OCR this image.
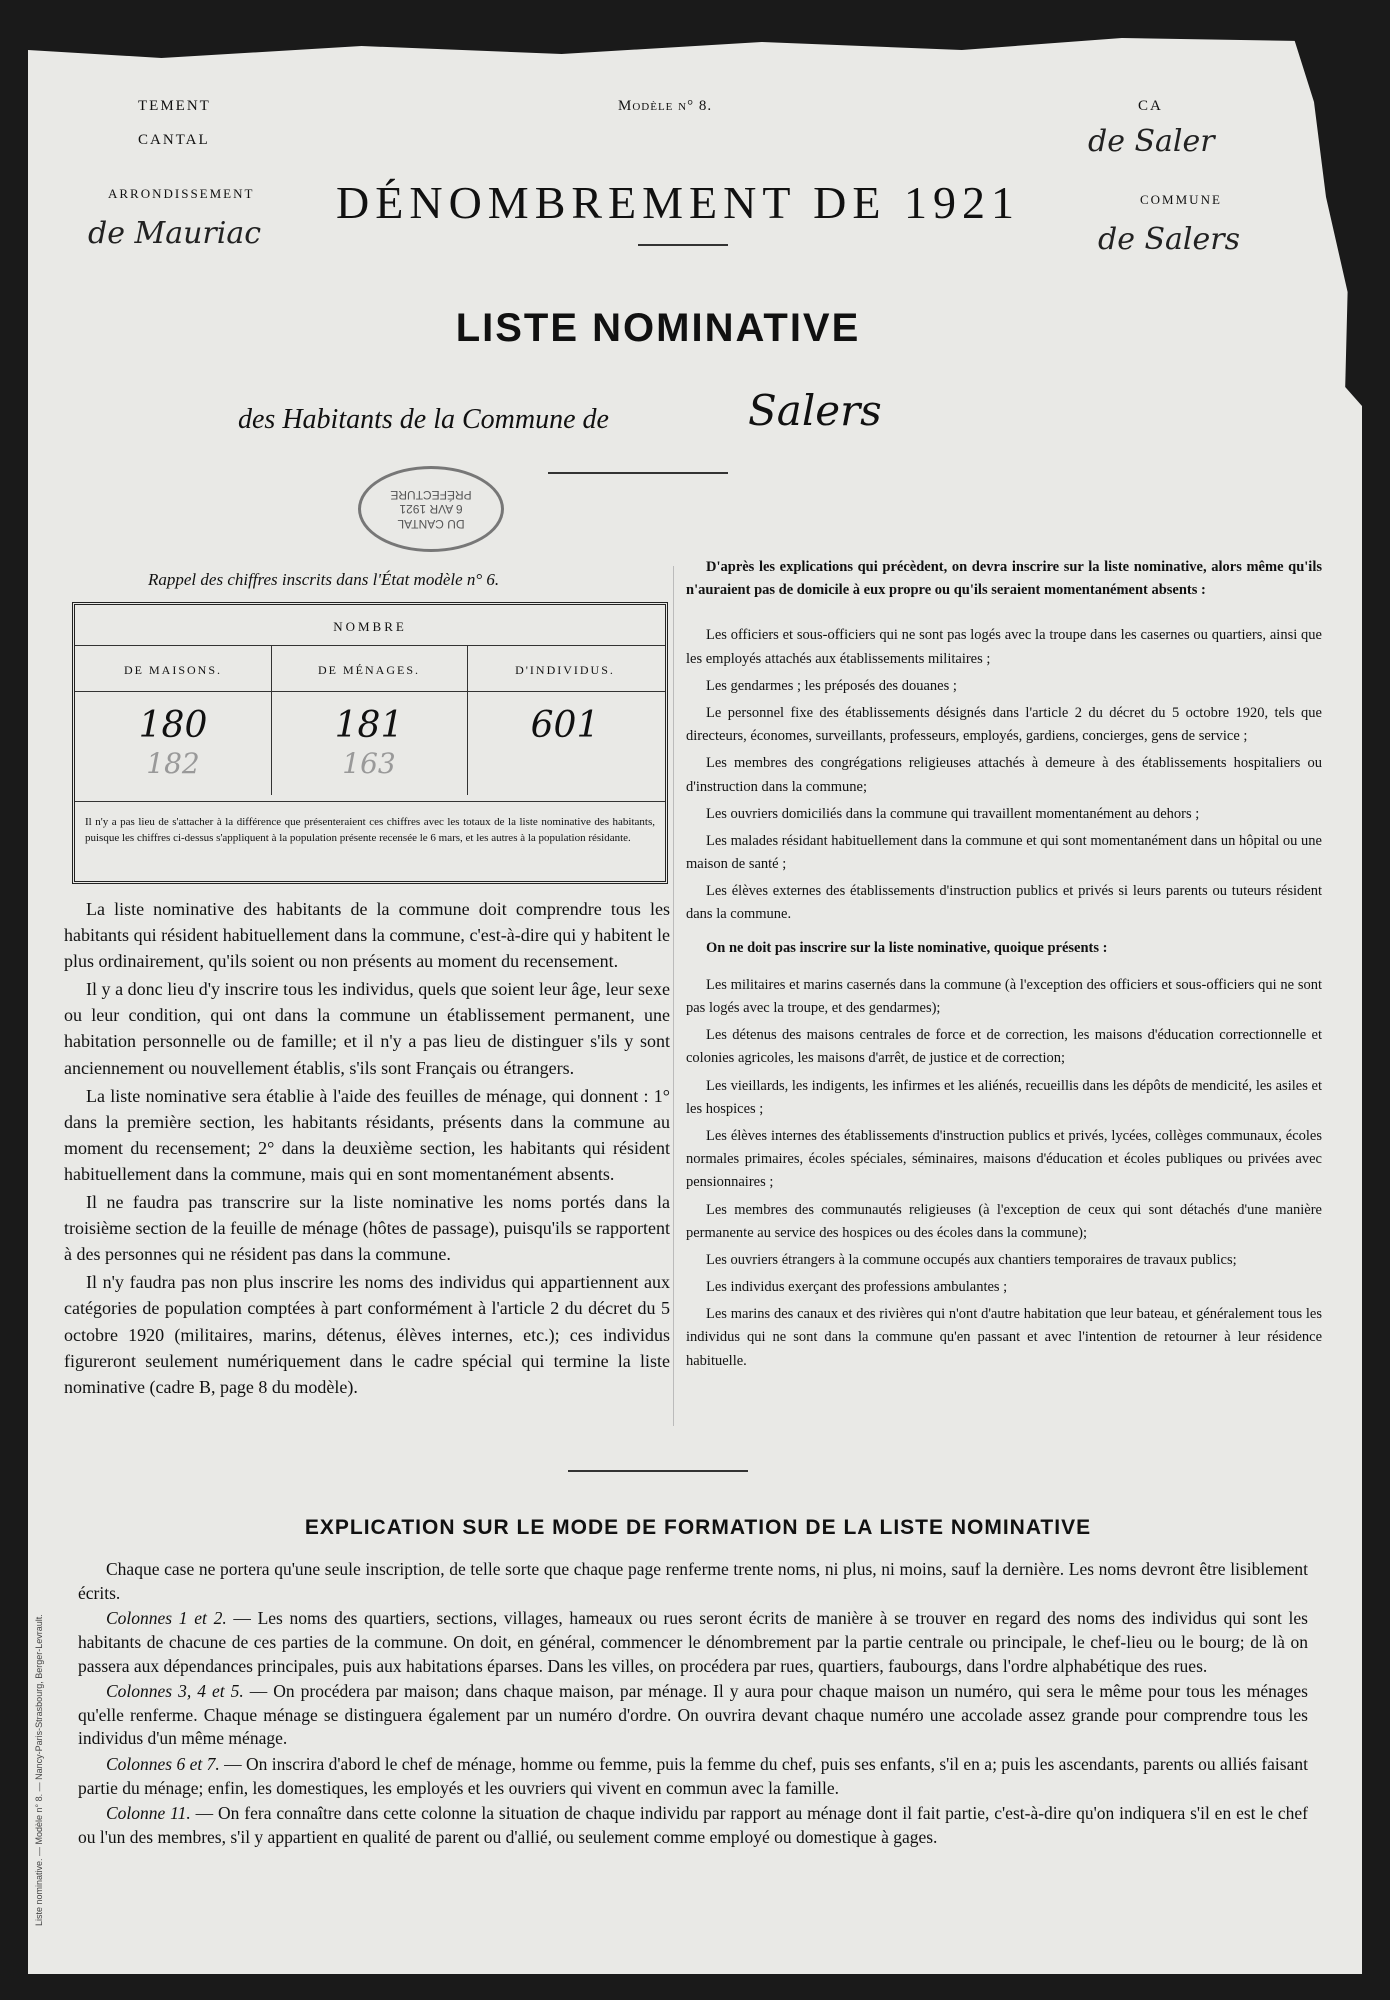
TEMENT
CANTAL
Modèle n° 8.	CA
de Saler
ARRONDISSEMENT
de Mauriac
COMMUNE
de Salers
DÉNOMBREMENT DE 1921
LISTE NOMINATIVE
des Habitants de la Commune de	Salers
DU CANTAL
6 AVR 1921
PRÉFECTURE
Rappel des chiffres inscrits dans l'État modèle n° 6.
NOMBRE
DE MAISONS.	DE MÉNAGES.	D'INDIVIDUS.
180	181	601
182	163
Il n'y a pas lieu de s'attacher à la différence que présenteraient ces chiffres avec les totaux de la liste nominative des habitants, puisque les chiffres ci-dessus s'appliquent à la population présente recensée le 6 mars, et les autres à la population résidante.

La liste nominative des habitants de la commune doit comprendre tous les habitants qui résident habituellement dans la commune, c'est-à-dire qui y habitent le plus ordinairement, qu'ils soient ou non présents au moment du recensement.

Il y a donc lieu d'y inscrire tous les individus, quels que soient leur âge, leur sexe ou leur condition, qui ont dans la commune un établissement permanent, une habitation personnelle ou de famille; et il n'y a pas lieu de distinguer s'ils y sont anciennement ou nouvellement établis, s'ils sont Français ou étrangers.

La liste nominative sera établie à l'aide des feuilles de ménage, qui donnent : 1° dans la première section, les habitants résidants, présents dans la commune au moment du recensement; 2° dans la deuxième section, les habitants qui résident habituellement dans la commune, mais qui en sont momentanément absents.

Il ne faudra pas transcrire sur la liste nominative les noms portés dans la troisième section de la feuille de ménage (hôtes de passage), puisqu'ils se rapportent à des personnes qui ne résident pas dans la commune.

Il n'y faudra pas non plus inscrire les noms des individus qui appartiennent aux catégories de population comptées à part conformément à l'article 2 du décret du 5 octobre 1920 (militaires, marins, détenus, élèves internes, etc.); ces individus figureront seulement numériquement dans le cadre spécial qui termine la liste nominative (cadre B, page 8 du modèle).

D'après les explications qui précèdent, on devra inscrire sur la liste nominative, alors même qu'ils n'auraient pas de domicile à eux propre ou qu'ils seraient momentanément absents :

Les officiers et sous-officiers qui ne sont pas logés avec la troupe dans les casernes ou quartiers, ainsi que les employés attachés aux établissements militaires ;

Les gendarmes ; les préposés des douanes ;

Le personnel fixe des établissements désignés dans l'article 2 du décret du 5 octobre 1920, tels que directeurs, économes, surveillants, professeurs, employés, gardiens, concierges, gens de service ;

Les membres des congrégations religieuses attachés à demeure à des établissements hospitaliers ou d'instruction dans la commune;

Les ouvriers domiciliés dans la commune qui travaillent momentanément au dehors ;

Les malades résidant habituellement dans la commune et qui sont momentanément dans un hôpital ou une maison de santé ;

Les élèves externes des établissements d'instruction publics et privés si leurs parents ou tuteurs résident dans la commune.

On ne doit pas inscrire sur la liste nominative, quoique présents :

Les militaires et marins casernés dans la commune (à l'exception des officiers et sous-officiers qui ne sont pas logés avec la troupe, et des gendarmes);

Les détenus des maisons centrales de force et de correction, les maisons d'éducation correctionnelle et colonies agricoles, les maisons d'arrêt, de justice et de correction;

Les vieillards, les indigents, les infirmes et les aliénés, recueillis dans les dépôts de mendicité, les asiles et les hospices ;

Les élèves internes des établissements d'instruction publics et privés, lycées, collèges communaux, écoles normales primaires, écoles spéciales, séminaires, maisons d'éducation et écoles publiques ou privées avec pensionnaires ;

Les membres des communautés religieuses (à l'exception de ceux qui sont détachés d'une manière permanente au service des hospices ou des écoles dans la commune);

Les ouvriers étrangers à la commune occupés aux chantiers temporaires de travaux publics;

Les individus exerçant des professions ambulantes ;

Les marins des canaux et des rivières qui n'ont d'autre habitation que leur bateau, et généralement tous les individus qui ne sont dans la commune qu'en passant et avec l'intention de retourner à leur résidence habituelle.

EXPLICATION SUR LE MODE DE FORMATION DE LA LISTE NOMINATIVE

Chaque case ne portera qu'une seule inscription, de telle sorte que chaque page renferme trente noms, ni plus, ni moins, sauf la dernière. Les noms devront être lisiblement écrits.

Colonnes 1 et 2. — Les noms des quartiers, sections, villages, hameaux ou rues seront écrits de manière à se trouver en regard des noms des individus qui sont les habitants de chacune de ces parties de la commune. On doit, en général, commencer le dénombrement par la partie centrale ou principale, le chef-lieu ou le bourg; de là on passera aux dépendances principales, puis aux habitations éparses. Dans les villes, on procédera par rues, quartiers, faubourgs, dans l'ordre alphabétique des rues.

Colonnes 3, 4 et 5. — On procédera par maison; dans chaque maison, par ménage. Il y aura pour chaque maison un numéro, qui sera le même pour tous les ménages qu'elle renferme. Chaque ménage se distinguera également par un numéro d'ordre. On ouvrira devant chaque numéro une accolade assez grande pour comprendre tous les individus d'un même ménage.

Colonnes 6 et 7. — On inscrira d'abord le chef de ménage, homme ou femme, puis la femme du chef, puis ses enfants, s'il en a; puis les ascendants, parents ou alliés faisant partie du ménage; enfin, les domestiques, les employés et les ouvriers qui vivent en commun avec la famille.

Colonne 11. — On fera connaître dans cette colonne la situation de chaque individu par rapport au ménage dont il fait partie, c'est-à-dire qu'on indiquera s'il en est le chef ou l'un des membres, s'il y appartient en qualité de parent ou d'allié, ou seulement comme employé ou domestique à gages.

Liste nominative. — Modèle n° 8. — Nancy-Paris-Strasbourg, Berger-Levrault.
